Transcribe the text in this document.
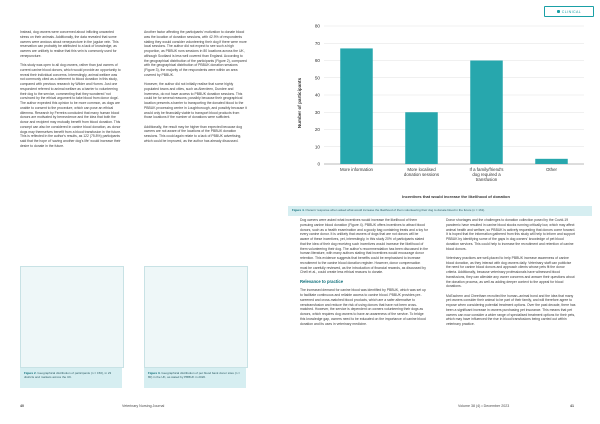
CLINICAL

Instead, dog owners were concerned about inflicting unwanted stress on their animals. Additionally, the data revealed that some owners were anxious about venepuncture in the jugular vein. This reservation can probably be attributed to a lack of knowledge, as owners are unlikely to realise that this vein is commonly used for venepuncture.

This study was open to all dog owners, rather than just owners of current canine blood donors, which would provide an opportunity to reveal their individual concerns. Interestingly, animal welfare was not commonly cited as a deterrent to blood donation in this study, compared with previous research by Wilder and Humm. Just one respondent referred to animal welfare as a barrier to volunteering their dog to the service, commenting that they wondered 'not convinced by the ethical argument to take blood from donor dogs'. The author expected this opinion to be more common, as dogs are unable to consent to the procedure, which can pose an ethical dilemma. Research by Ferreira concluded that many human blood donors are motivated by benevolence and the idea that both the donor and recipient may mutually benefit from blood donation. This concept can also be considered in canine blood donation, as donor dogs may themselves benefit from a blood transfusion in the future. This is reflected in the author's results, as 122 (75.8%) participants said that the hope of 'saving another dog's life' would increase their desire to donate in the future.

Another factor affecting the participants' motivation to donate blood was the location of donation sessions, with 42.9% of respondents stating they would consider volunteering their dog if there were more local sessions. The author did not expect to see such a high proportion, as PBBUK runs sessions in 80 locations across the UK, although Scotland is less well covered than England. According to the geographical distribution of the participants (Figure 2), compared with the geographical distribution of PBBUK donation sessions (Figure 3), the majority of the respondents were within an area covered by PBBUK.

However, the author did not initially realise that some highly populated towns and cities, such as Aberdeen, Dundee and Inverness, do not have access to PBBUK donation sessions. This could be for several reasons; possibly because their geographical location presents a barrier to transporting the donated blood to the PBBUK processing centre in Loughborough, and possibly because it would only be financially viable to transport blood products from those locations if the number of donations were sufficient.

Additionally, the result may be higher than expected because dog owners are not aware of the locations of the PBBUK donation sessions. This could again relate to a lack of PBBUK advertising, which could be improved, as the author has already discussed.

Figure 2. Geographical distribution of participants (n = 150), in 23 districts and markets across the UK.
Figure 3. Geographical distribution of pet blood bank donor sites (n = 80) in the UK, as stated by PBBUK in 2020.
0
10
20
30
40
50
60
70
80
More information	More localised donation sessions
If a family/friend's dog required a transfusion
Other
Number of participants
Incentives that would increase the likelihood of donation
Figure 4. Owners' response when asked what would increase the likelihood of them volunteering their dog to donate blood in the future (n = 161).

Dog owners were asked what incentives would increase the likelihood of them pursuing canine blood donation (Figure 4). PBBUK offers incentives to attract blood donors, such as a health examination and a goody bag containing treats and a toy for every canine donor. It is unlikely that owners of dogs that are not donors will be aware of these incentives, yet, interestingly, in this study 20% of participants stated that the idea of their dog receiving such incentives would increase the likelihood of them volunteering their dog. The author's recommendation has been discussed in the human literature, with many authors stating that incentives would encourage donor retention. This evidence suggests that benefits could be emphasised to increase recruitment to the canine blood donation register. However, donor compensation must be carefully reviewed, as the introduction of financial rewards, as discussed by Chell et al., could create less ethical reasons to donate.

Relevance to practice

The increased demand for canine blood was identified by PBBUK, which was set up to facilitate continuous and reliable access to canine blood. PBBUK provides pre-screened and cross-matched blood products, which are a safer alternative to xenotransfusion and reduce the risk of using donors that have not been cross-matched. However, the service is dependent on owners volunteering their dogs as donors, which requires dog owners to have an awareness of the service. To bridge this knowledge gap, owners need to be educated on the importance of canine blood donation and its uses in veterinary medicine.

Donor shortages and the challenges to donation collection posed by the Covid-19 pandemic have resulted in canine blood stocks running critically low, which may affect animal health and welfare, so PBBUK is actively requesting that donors come forward. It is hoped that the information gathered from this study will help to inform and support PBBUK by identifying some of the gaps in dog owners' knowledge of pet blood donation services. This could help to increase the recruitment and retention of canine blood donors.

Veterinary practices are well-placed to help PBBUK increase awareness of canine blood donation, as they interact with dog owners daily. Veterinary staff can publicise the need for canine blood donors and approach clients whose pets fit the donor criteria. Additionally, because veterinary professionals have witnessed blood transfusions, they can alleviate any owner concerns and answer their questions about the donation process, as well as adding deeper context to the appeal for blood donations.

McEachern and Cheetham recruited the human–animal bond and the idea that many pet owners consider their animal to be part of their family, and will therefore agree to expose when considering potential treatment options. Over the past decade, there has been a significant increase in owners purchasing pet insurance. This means that pet owners can now consider a wider range of specialised treatment options for their pets, which may have influenced the rise in blood transfusions being carried out within veterinary practice.

40	Veterinary Nursing Journal	Volume 38 (4) • December 2023	41
